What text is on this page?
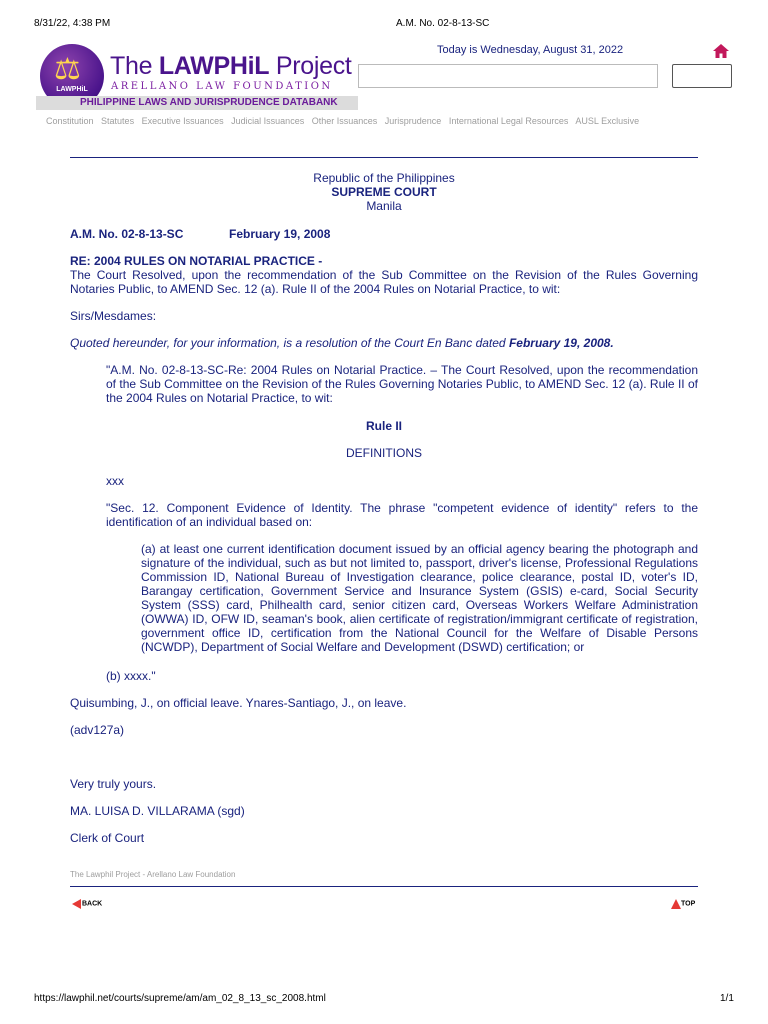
8/31/22, 4:38 PM	A.M. No. 02-8-13-SC
⚖
LAWPHiL
The LAWPHiL Project
ARELLANO LAW FOUNDATION
PHILIPPINE LAWS AND JURISPRUDENCE DATABANK
Today is Wednesday, August 31, 2022
Constitution Statutes Executive Issuances Judicial Issuances Other Issuances Jurisprudence International Legal Resources AUSL Exclusive
Republic of the Philippines
SUPREME COURT
Manila
A.M. No. 02-8-13-SC	February 19, 2008
RE: 2004 RULES ON NOTARIAL PRACTICE -
The Court Resolved, upon the recommendation of the Sub Committee on the Revision of the Rules Governing Notaries Public, to AMEND Sec. 12 (a). Rule II of the 2004 Rules on Notarial Practice, to wit:
Sirs/Mesdames:
Quoted hereunder, for your information, is a resolution of the Court En Banc dated February 19, 2008.
"A.M. No. 02-8-13-SC-Re: 2004 Rules on Notarial Practice. – The Court Resolved, upon the recommendation of the Sub Committee on the Revision of the Rules Governing Notaries Public, to AMEND Sec. 12 (a). Rule II of the 2004 Rules on Notarial Practice, to wit:
Rule II
DEFINITIONS
xxx
"Sec. 12. Component Evidence of Identity. The phrase "competent evidence of identity" refers to the identification of an individual based on:
(a) at least one current identification document issued by an official agency bearing the photograph and signature of the individual, such as but not limited to, passport, driver's license, Professional Regulations Commission ID, National Bureau of Investigation clearance, police clearance, postal ID, voter's ID, Barangay certification, Government Service and Insurance System (GSIS) e-card, Social Security System (SSS) card, Philhealth card, senior citizen card, Overseas Workers Welfare Administration (OWWA) ID, OFW ID, seaman's book, alien certificate of registration/immigrant certificate of registration, government office ID, certification from the National Council for the Welfare of Disable Persons (NCWDP), Department of Social Welfare and Development (DSWD) certification; or
(b) xxxx."
Quisumbing, J., on official leave. Ynares-Santiago, J., on leave.
(adv127a)
Very truly yours.
MA. LUISA D. VILLARAMA (sgd)
Clerk of Court
The Lawphil Project - Arellano Law Foundation
BACK	TOP
https://lawphil.net/courts/supreme/am/am_02_8_13_sc_2008.html	1/1
